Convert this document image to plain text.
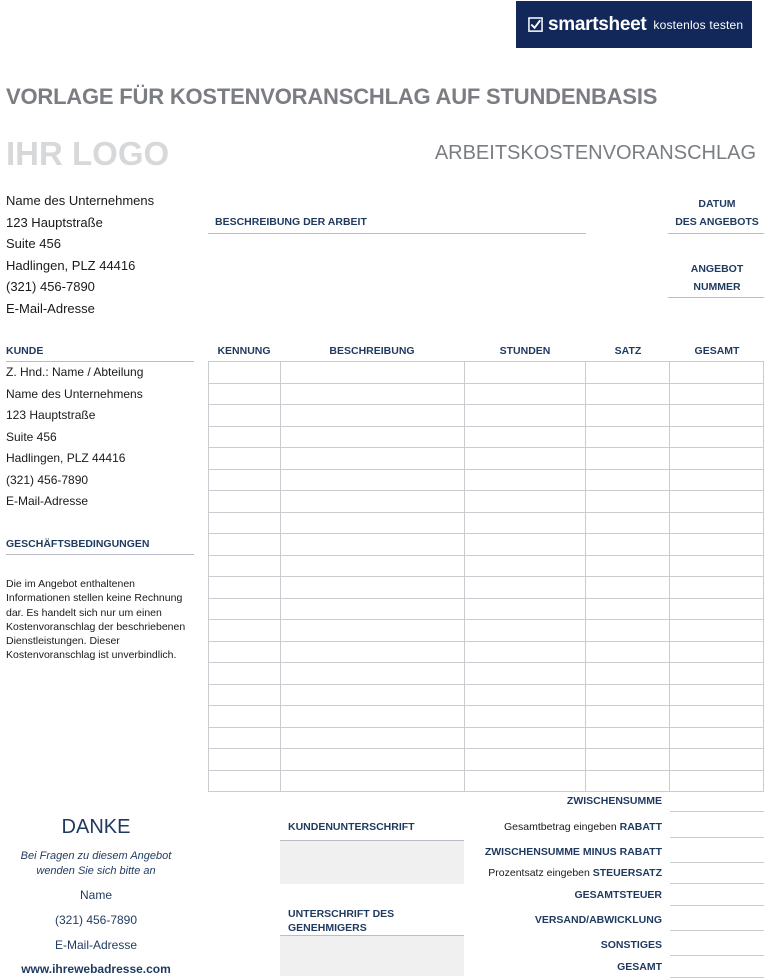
smartsheet kostenlos testen
VORLAGE FÜR KOSTENVORANSCHLAG AUF STUNDENBASIS
IHR LOGO	ARBEITSKOSTENVORANSCHLAG
Name des Unternehmens
123 Hauptstraße
Suite 456
Hadlingen, PLZ 44416
(321) 456-7890
E-Mail-Adresse
BESCHREIBUNG DER ARBEIT
DATUM
DES ANGEBOTS
ANGEBOT
NUMMER
KUNDE
Z. Hnd.: Name / Abteilung
Name des Unternehmens
123 Hauptstraße
Suite 456
Hadlingen, PLZ 44416
(321) 456-7890
E-Mail-Adresse
KENNUNG	BESCHREIBUNG	STUNDEN	SATZ	GESAMT

GESCHÄFTSBEDINGUNGEN
Die im Angebot enthaltenen Informationen stellen keine Rechnung dar. Es handelt sich nur um einen Kostenvoranschlag der beschriebenen Dienstleistungen. Dieser Kostenvoranschlag ist unverbindlich.
ZWISCHENSUMME
Gesamtbetrag eingeben RABATT
ZWISCHENSUMME MINUS RABATT
Prozentsatz eingeben STEUERSATZ
GESAMTSTEUER
VERSAND/ABWICKLUNG
SONSTIGES
GESAMT
KUNDENUNTERSCHRIFT
UNTERSCHRIFT DES GENEHMIGERS
DANKE
Bei Fragen zu diesem Angebot wenden Sie sich bitte an
Name
(321) 456-7890
E-Mail-Adresse
www.ihrewebadresse.com
